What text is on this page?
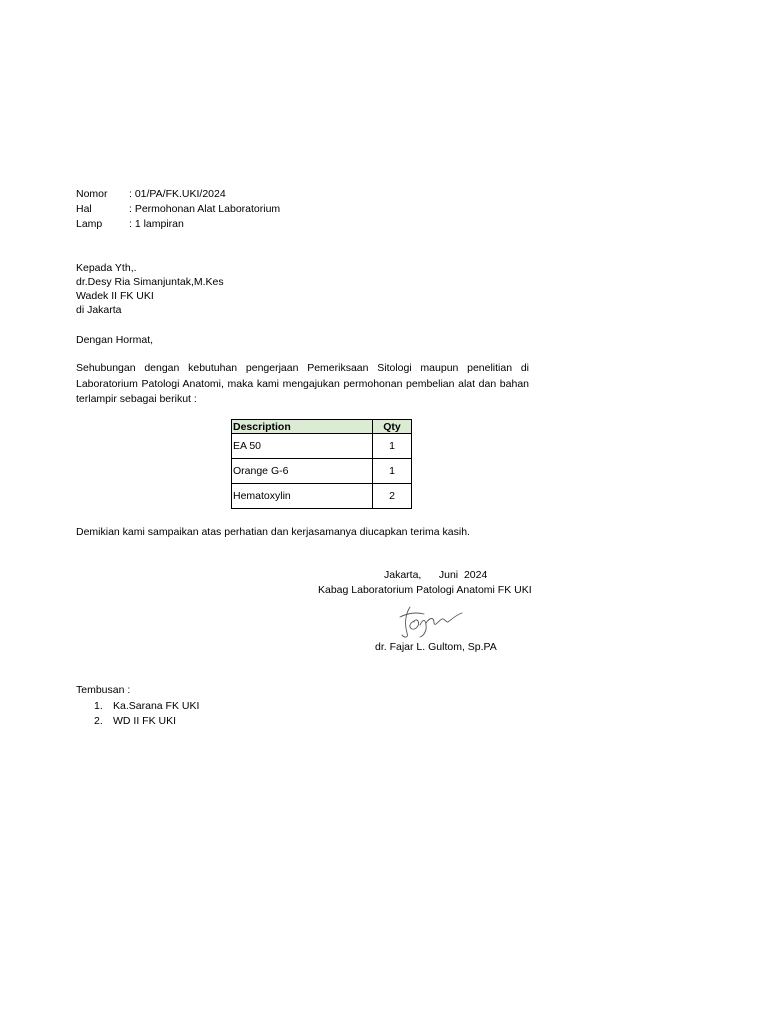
Nomor : 01/PA/FK.UKI/2024
Hal	: Permohonan Alat Laboratorium
Lamp	: 1 lampiran
Kepada Yth,.
dr.Desy Ria Simanjuntak,M.Kes
Wadek II FK UKI
di Jakarta
Dengan Hormat,
Sehubungan dengan kebutuhan pengerjaan Pemeriksaan Sitologi maupun penelitian di Laboratorium Patologi Anatomi, maka kami mengajukan permohonan pembelian alat dan bahan terlampir sebagai berikut :
Description	Qty
EA 50	1
Orange G-6	1
Hematoxylin	2
Demikian kami sampaikan atas perhatian dan kerjasamanya diucapkan terima kasih.
Jakarta,      Juni  2024
Kabag Laboratorium Patologi Anatomi FK UKI
dr. Fajar L. Gultom, Sp.PA
Tembusan :
1. Ka.Sarana FK UKI
2. WD II FK UKI
